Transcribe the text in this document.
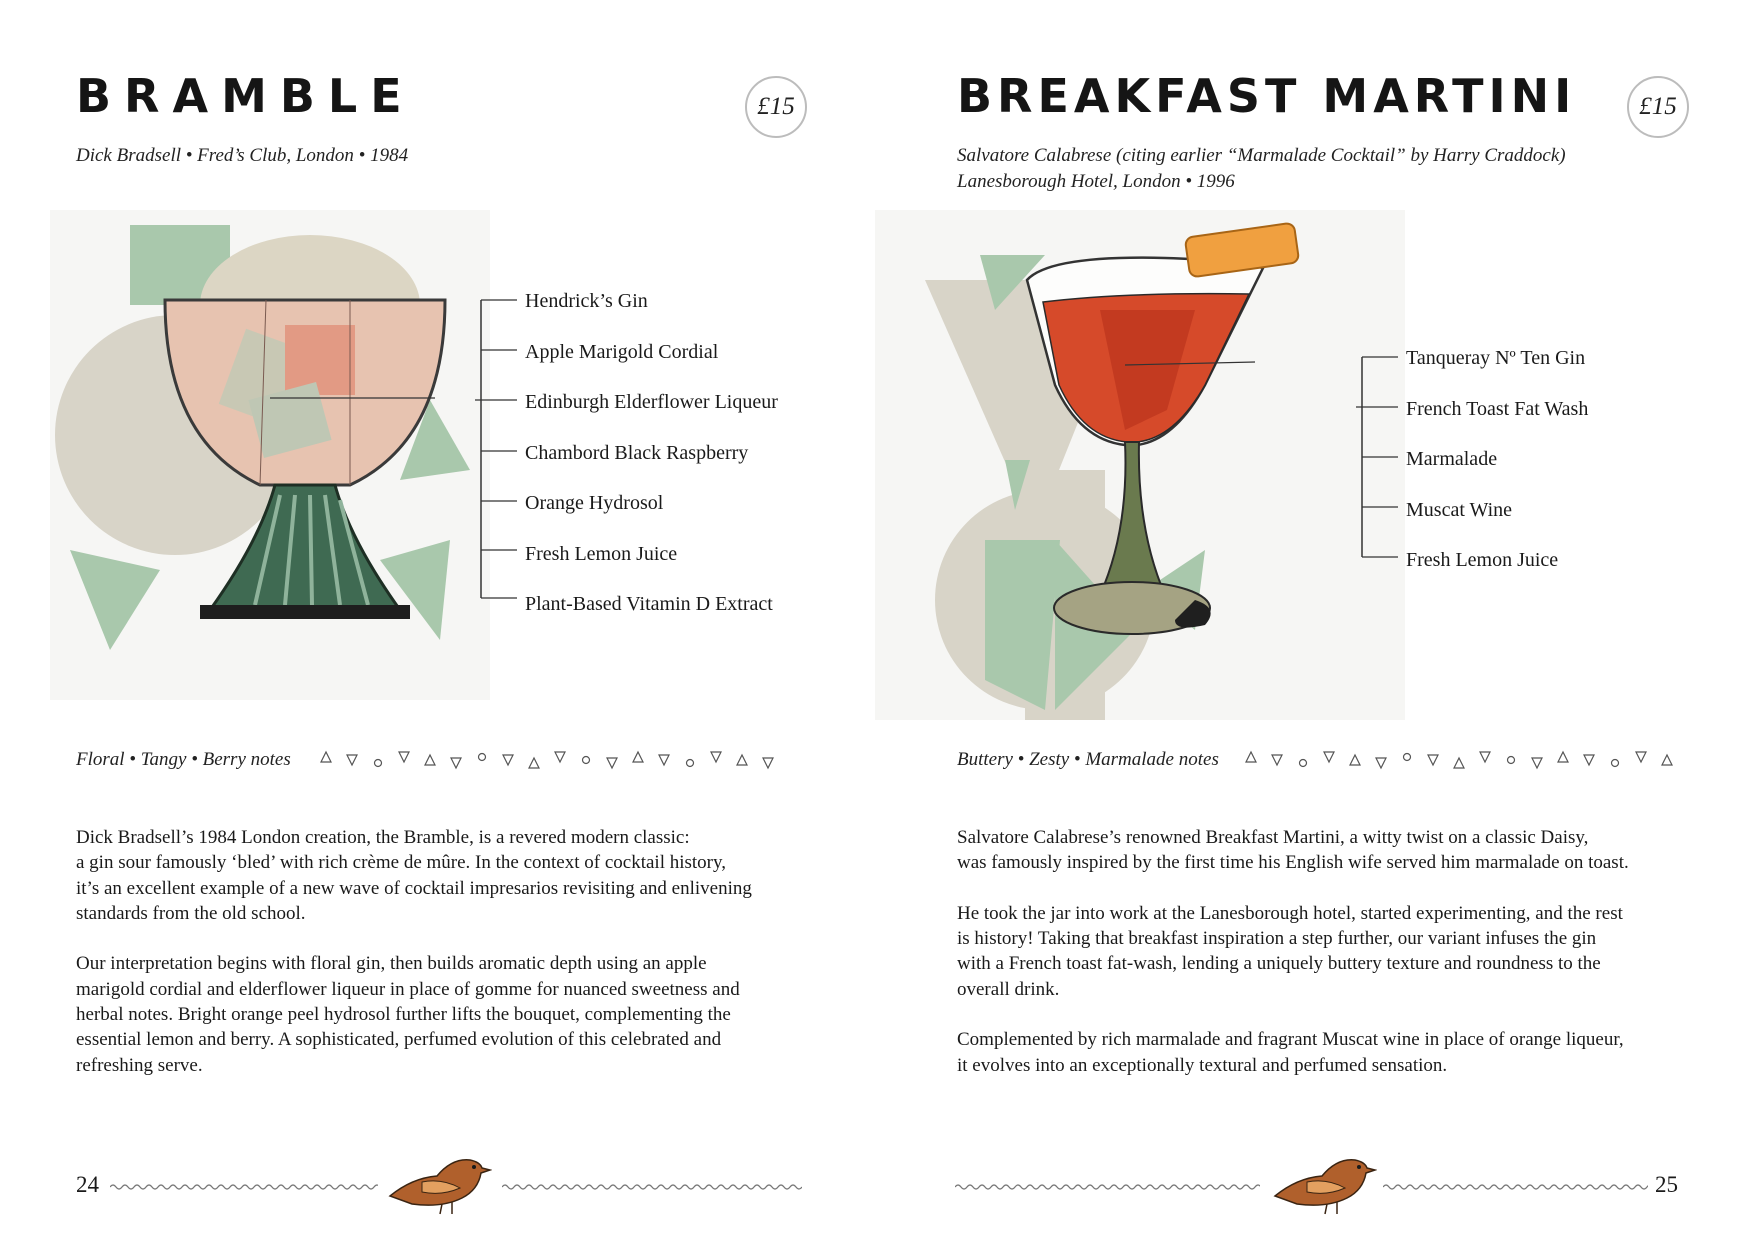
BRAMBLE	£15
Dick Bradsell • Fred’s Club, London • 1984
Hendrick’s Gin
Apple Marigold Cordial
Edinburgh Elderflower Liqueur
Chambord Black Raspberry
Orange Hydrosol
Fresh Lemon Juice
Plant-Based Vitamin D Extract
Floral • Tangy • Berry notes

Dick Bradsell’s 1984 London creation, the Bramble, is a revered modern classic:
a gin sour famously ‘bled’ with rich crème de mûre. In the context of cocktail history,
it’s an excellent example of a new wave of cocktail impresarios revisiting and enlivening
standards from the old school.

Our interpretation begins with floral gin, then builds aromatic depth using an apple
marigold cordial and elderflower liqueur in place of gomme for nuanced sweetness and
herbal notes. Bright orange peel hydrosol further lifts the bouquet, complementing the
essential lemon and berry. A sophisticated, perfumed evolution of this celebrated and
refreshing serve.

24
BREAKFAST MARTINI	£15
Salvatore Calabrese (citing earlier “Marmalade Cocktail” by Harry Craddock)
Lanesborough Hotel, London • 1996
Tanqueray Nº Ten Gin
French Toast Fat Wash
Marmalade
Muscat Wine
Fresh Lemon Juice
Buttery • Zesty • Marmalade notes

Salvatore Calabrese’s renowned Breakfast Martini, a witty twist on a classic Daisy,
was famously inspired by the first time his English wife served him marmalade on toast.

He took the jar into work at the Lanesborough hotel, started experimenting, and the rest
is history! Taking that breakfast inspiration a step further, our variant infuses the gin
with a French toast fat-wash, lending a uniquely buttery texture and roundness to the
overall drink.

Complemented by rich marmalade and fragrant Muscat wine in place of orange liqueur,
it evolves into an exceptionally textural and perfumed sensation.

25
